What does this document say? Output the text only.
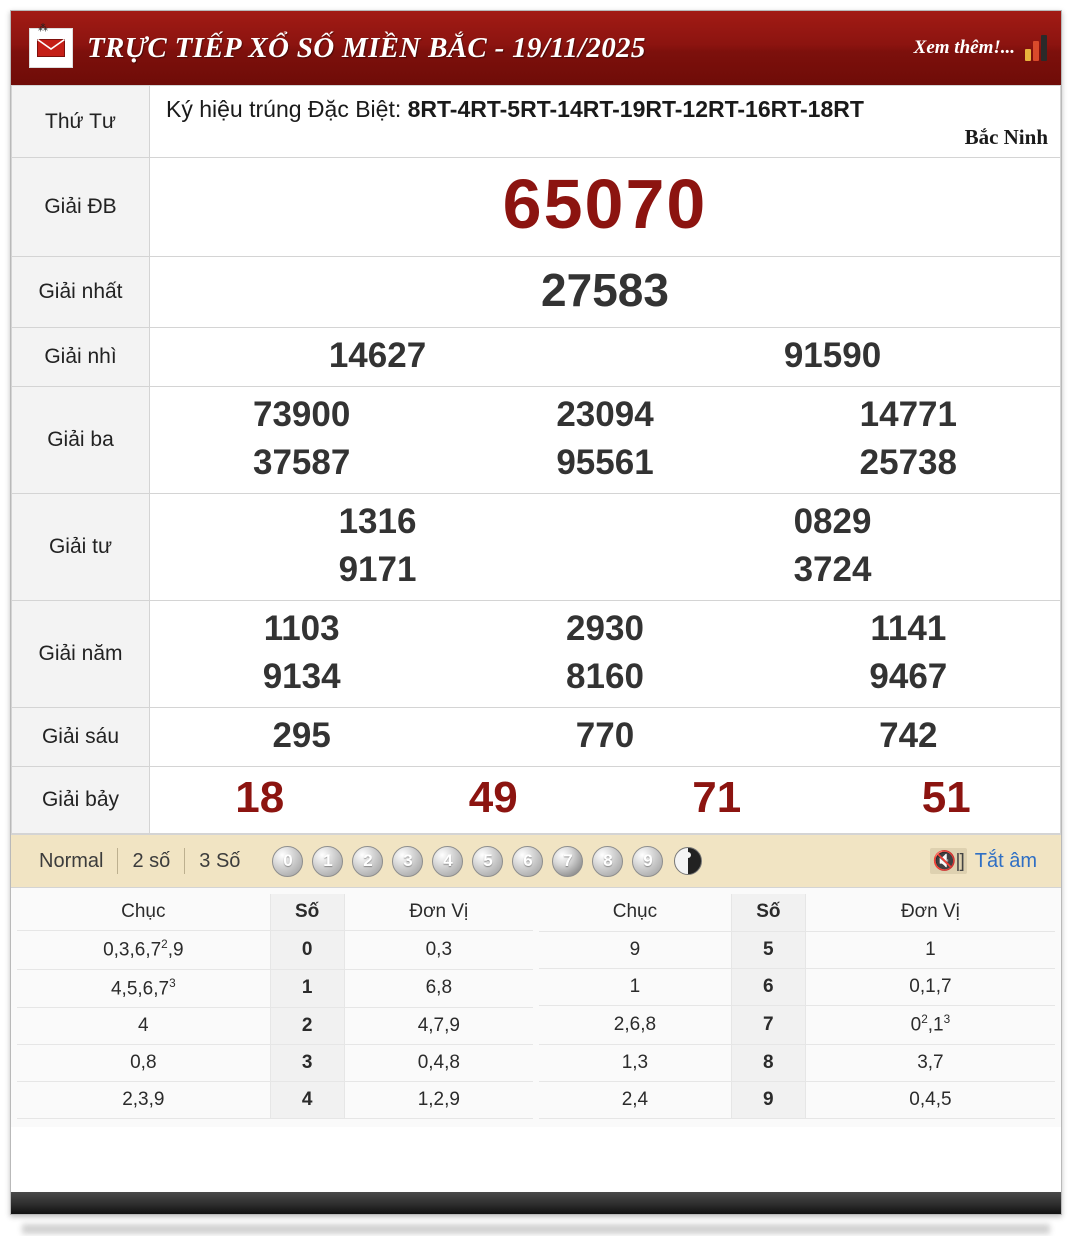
⁂
TRỰC TIẾP XỔ SỐ MIỀN BẮC - 19/11/2025	Xem thêm!...
Thứ Tư	Ký hiệu trúng Đặc Biệt: 8RT-4RT-5RT-14RT-19RT-12RT-16RT-18RT
Bắc Ninh

Giải ĐB	65070
Giải nhất	27583
Giải nhì	14627 91590

Giải ba	
73900	23094	14771
37587	95561	25738

Giải tư	1316 0829
9171 3724

Giải năm	
1103	2930	1141
9134	8160	9467

Giải sáu	295 770 742

Giải bảy	18 49 71 51
Normal	2 số	3 Số	0	1	2	3	4	5	6	7	8	9	🔇|] Tắt âm
Chục	Số	Đơn Vị
0,3,6,7$^2$,9	0	0,3
4,5,6,7$^3$	1	6,8
4	2	4,7,9
0,8	3	0,4,8
2,3,9	4	1,2,9
Chục	Số	Đơn Vị
9	5	1
1	6	0,1,7
2,6,8	7	$0^2,1^3$
1,3	8	3,7
2,4	9	0,4,5
